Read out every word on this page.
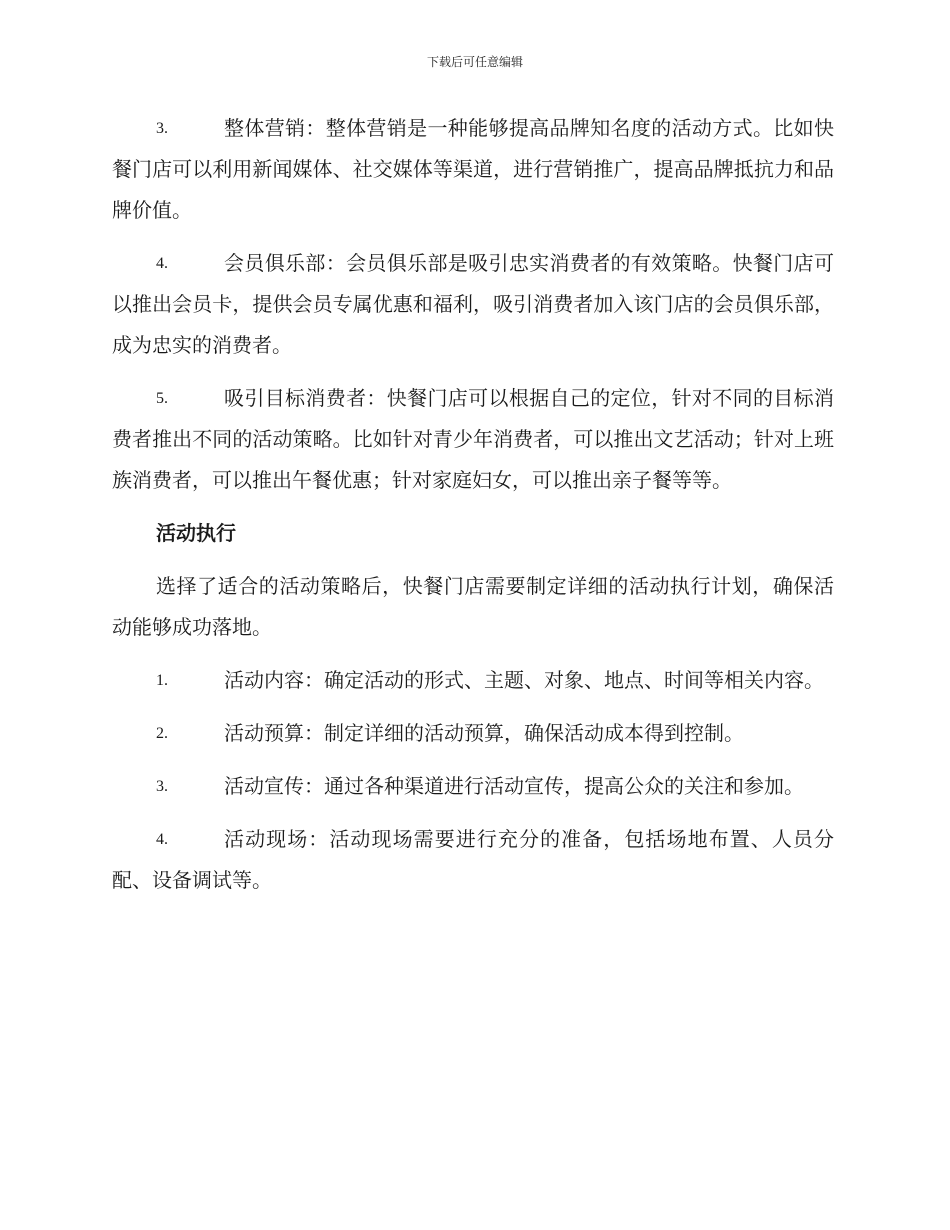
下载后可任意编辑
3.	整体营销：整体营销是一种能够提高品牌知名度的活动方式。比如快餐门店可以利用新闻媒体、社交媒体等渠道，进行营销推广，提高品牌抵抗力和品牌价值。
4.	会员俱乐部：会员俱乐部是吸引忠实消费者的有效策略。快餐门店可以推出会员卡，提供会员专属优惠和福利，吸引消费者加入该门店的会员俱乐部，成为忠实的消费者。
5.	吸引目标消费者：快餐门店可以根据自己的定位，针对不同的目标消费者推出不同的活动策略。比如针对青少年消费者，可以推出文艺活动；针对上班族消费者，可以推出午餐优惠；针对家庭妇女，可以推出亲子餐等等。
活动执行
选择了适合的活动策略后，快餐门店需要制定详细的活动执行计划，确保活动能够成功落地。
1.	活动内容：确定活动的形式、主题、对象、地点、时间等相关内容。
2.	活动预算：制定详细的活动预算，确保活动成本得到控制。
3.	活动宣传：通过各种渠道进行活动宣传，提高公众的关注和参加。
4.	活动现场：活动现场需要进行充分的准备，包括场地布置、人员分配、设备调试等。
